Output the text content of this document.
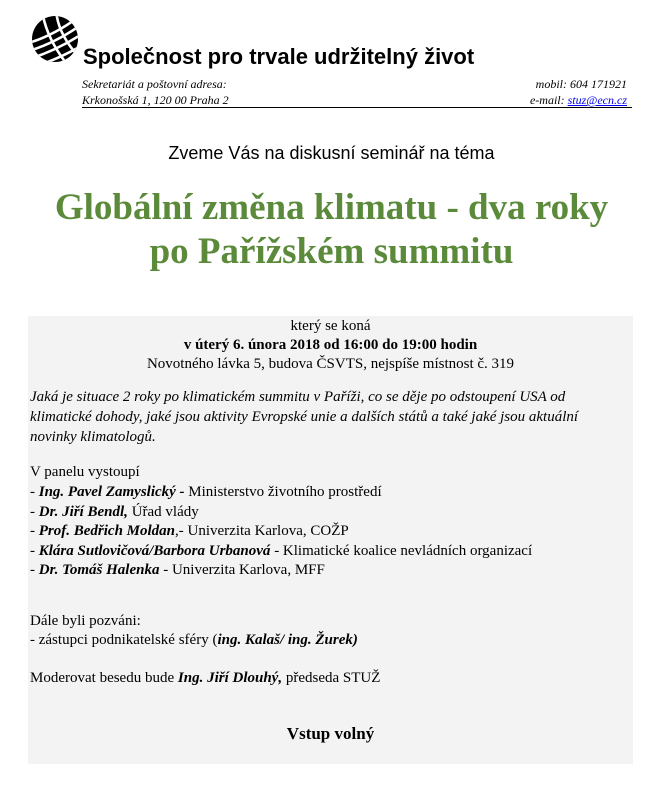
Společnost pro trvale udržitelný život
Sekretariát a poštovní adresa:
Krkonošská 1, 120 00 Praha 2
mobil: 604 171921
e-mail: stuz@ecn.cz
Zveme Vás na diskusní seminář na téma
Globální změna klimatu - dva roky
po Pařížském summitu
který se koná
v úterý 6. února 2018 od 16:00 do 19:00 hodin
Novotného lávka 5, budova ČSVTS, nejspíše místnost č. 319
Jaká je situace 2 roky po klimatickém summitu v Paříži, co se děje po odstoupení USA od klimatické dohody, jaké jsou aktivity Evropské unie a dalších států a také jaké jsou aktuální novinky klimatologů.
V panelu vystoupí
- Ing. Pavel Zamyslický - Ministerstvo životního prostředí
- Dr. Jiří Bendl, Úřad vlády
- Prof. Bedřich Moldan,- Univerzita Karlova, COŽP
- Klára Sutlovičová/Barbora Urbanová - Klimatické koalice nevládních organizací
- Dr. Tomáš Halenka - Univerzita Karlova, MFF
Dále byli pozváni:
- zástupci podnikatelské sféry (ing. Kalaš/ ing. Žurek)
Moderovat besedu bude Ing. Jiří Dlouhý, předseda STUŽ
Vstup volný
